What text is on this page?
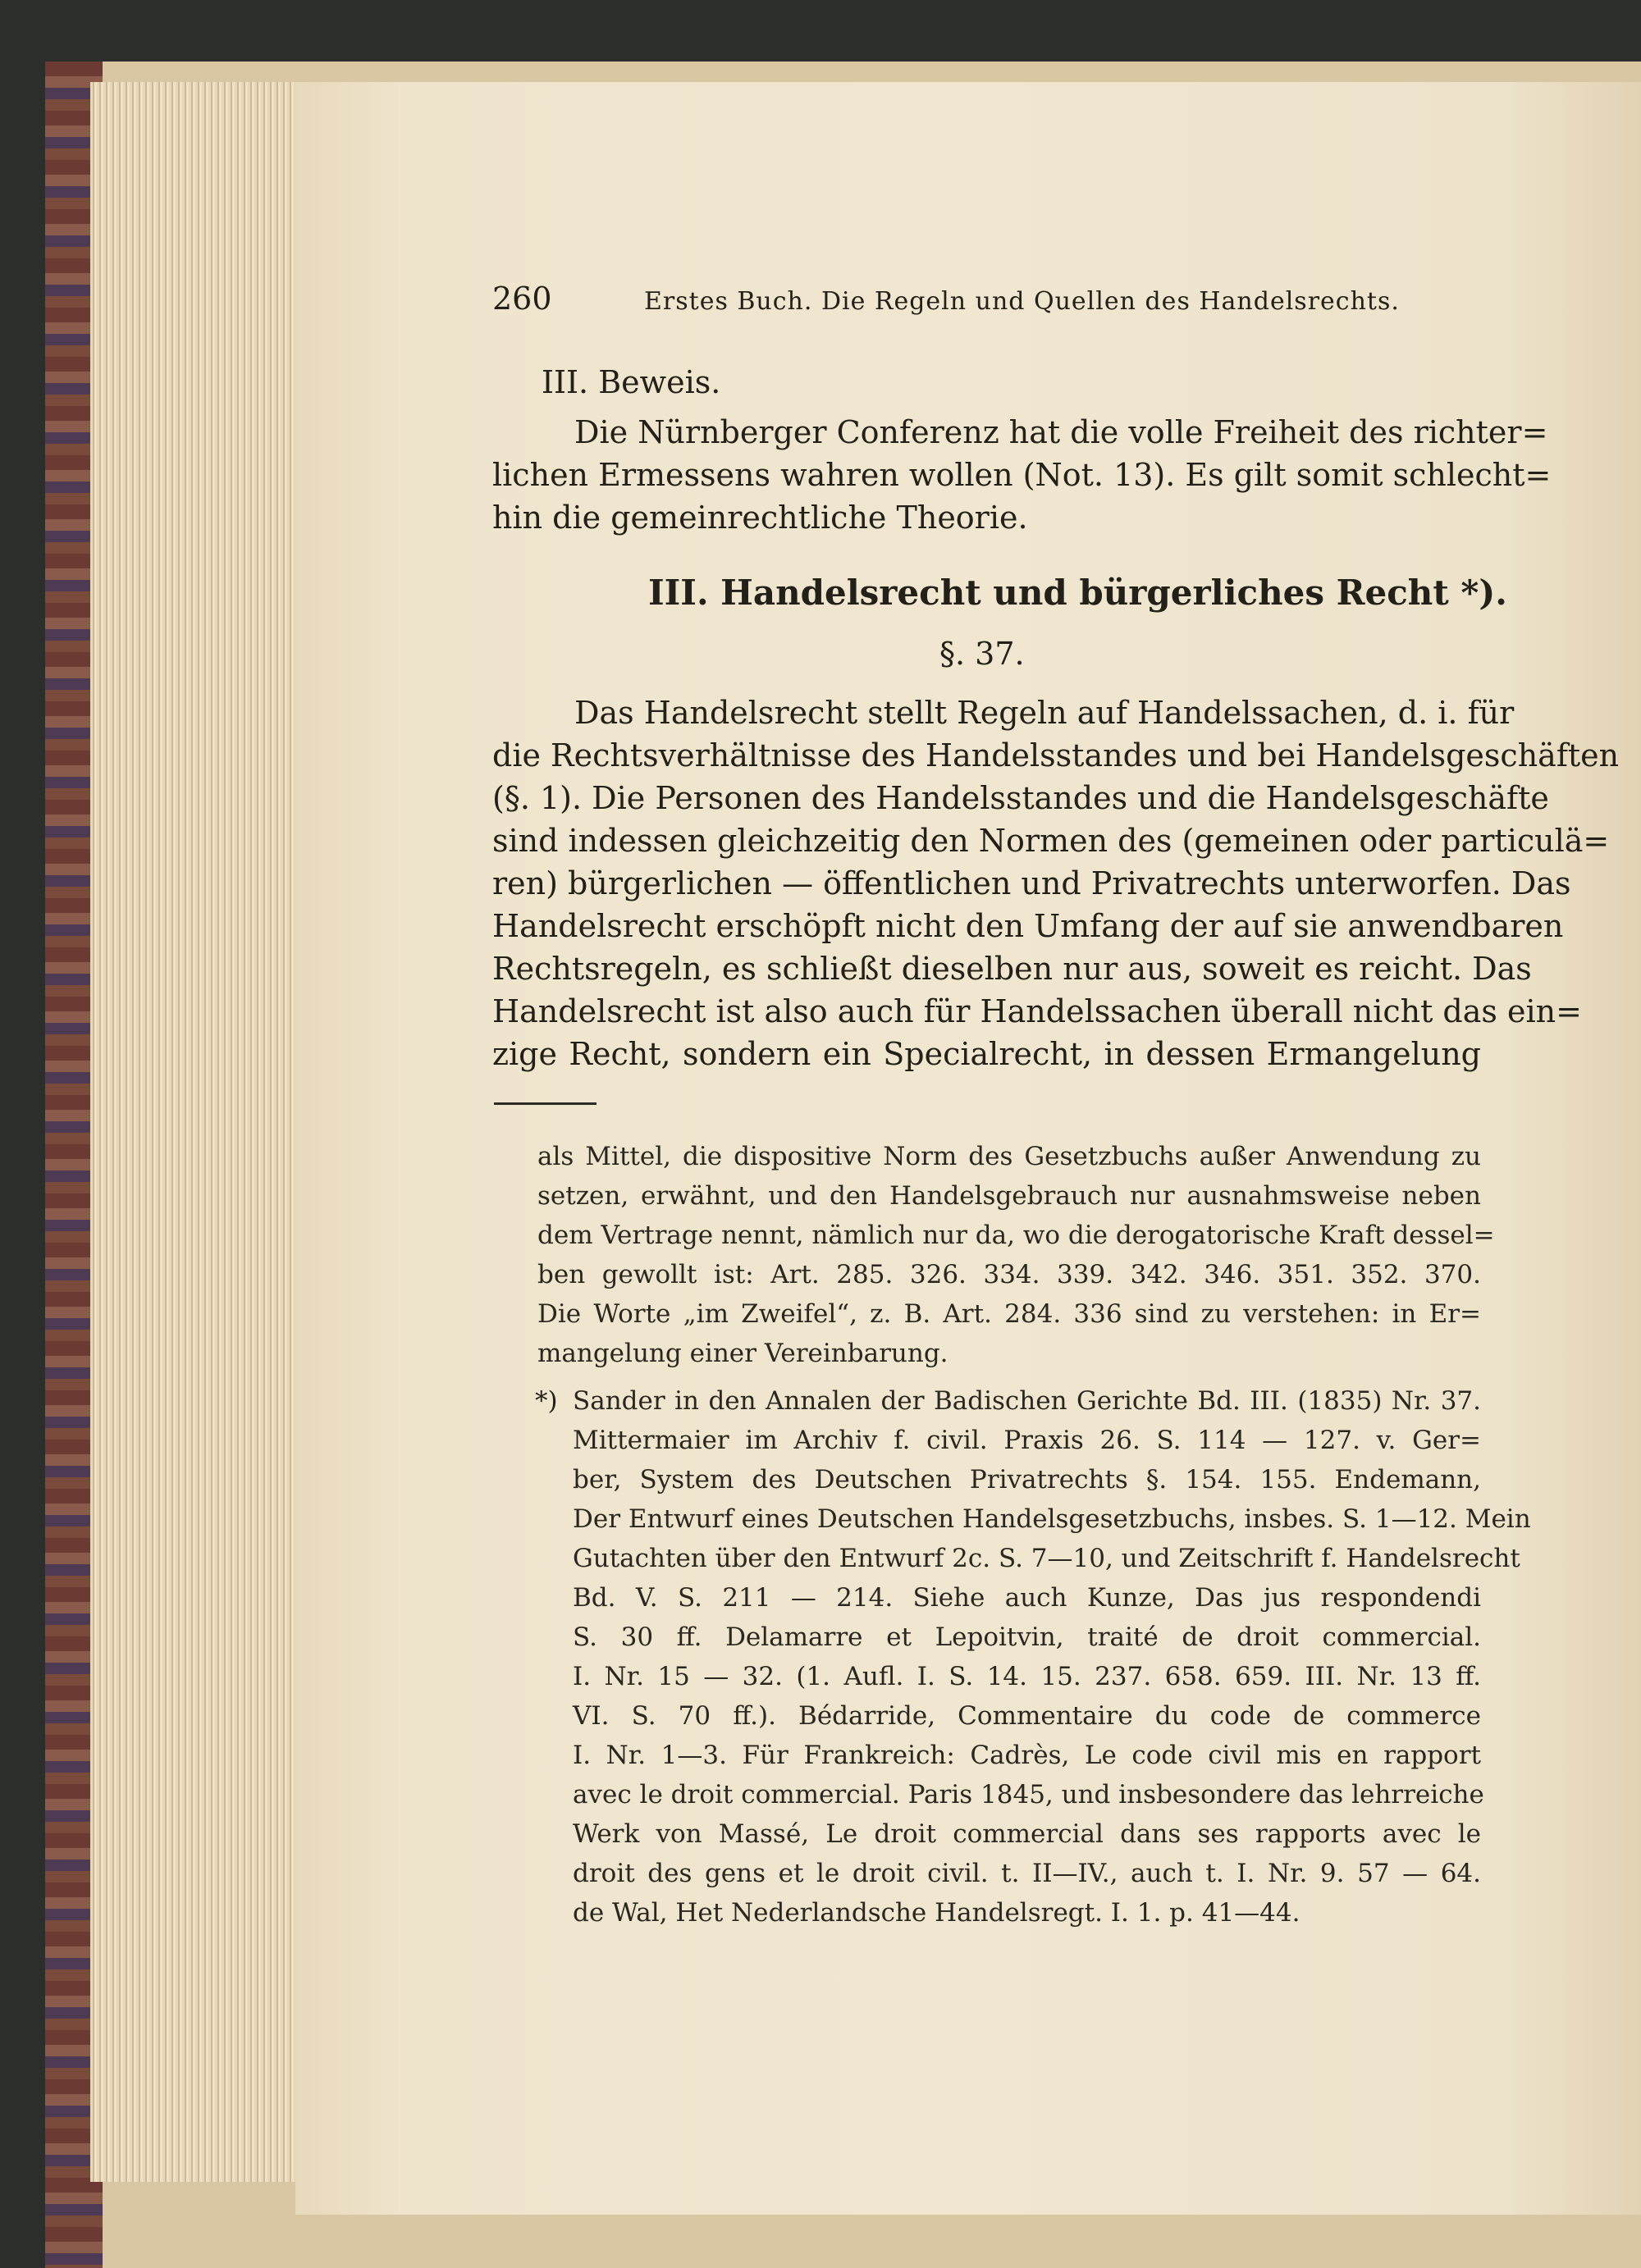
260	Erstes Buch. Die Regeln und Quellen des Handelsrechts.
III. Beweis.
Die Nürnberger Conferenz hat die volle Freiheit des richter=
lichen Ermessens wahren wollen (Not. 13). Es gilt somit schlecht=
hin die gemeinrechtliche Theorie.
III. Handelsrecht und bürgerliches Recht *).
§. 37.
Das Handelsrecht stellt Regeln auf Handelssachen, d. i. für
die Rechtsverhältnisse des Handelsstandes und bei Handelsgeschäften
(§. 1). Die Personen des Handelsstandes und die Handelsgeschäfte
sind indessen gleichzeitig den Normen des (gemeinen oder particulä=
ren) bürgerlichen — öffentlichen und Privatrechts unterworfen. Das
Handelsrecht erschöpft nicht den Umfang der auf sie anwendbaren
Rechtsregeln, es schließt dieselben nur aus, soweit es reicht. Das
Handelsrecht ist also auch für Handelssachen überall nicht das ein=
zige Recht, sondern ein Specialrecht, in dessen Ermangelung
als Mittel, die dispositive Norm des Gesetzbuchs außer Anwendung zu
setzen, erwähnt, und den Handelsgebrauch nur ausnahmsweise neben
dem Vertrage nennt, nämlich nur da, wo die derogatorische Kraft dessel=
ben gewollt ist: Art. 285. 326. 334. 339. 342. 346. 351. 352. 370.
Die Worte „im Zweifel“, z. B. Art. 284. 336 sind zu verstehen: in Er=
mangelung einer Vereinbarung.
*) Sander in den Annalen der Badischen Gerichte Bd. III. (1835) Nr. 37.
Mittermaier im Archiv f. civil. Praxis 26. S. 114 — 127. v. Ger=
ber, System des Deutschen Privatrechts §. 154. 155. Endemann,
Der Entwurf eines Deutschen Handelsgesetzbuchs, insbes. S. 1—12. Mein
Gutachten über den Entwurf 2c. S. 7—10, und Zeitschrift f. Handelsrecht
Bd. V. S. 211 — 214. Siehe auch Kunze, Das jus respondendi
S. 30 ff. Delamarre et Lepoitvin, traité de droit commercial.
I. Nr. 15 — 32. (1. Aufl. I. S. 14. 15. 237. 658. 659. III. Nr. 13 ff.
VI. S. 70 ff.). Bédarride, Commentaire du code de commerce
I. Nr. 1—3. Für Frankreich: Cadrès, Le code civil mis en rapport
avec le droit commercial. Paris 1845, und insbesondere das lehrreiche
Werk von Massé, Le droit commercial dans ses rapports avec le
droit des gens et le droit civil. t. II—IV., auch t. I. Nr. 9. 57 — 64.
de Wal, Het Nederlandsche Handelsregt. I. 1. p. 41—44.
